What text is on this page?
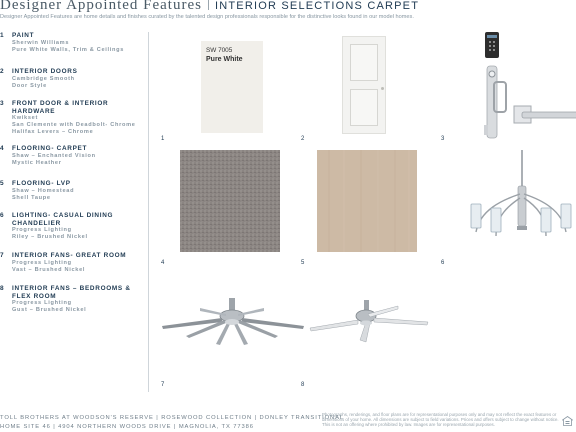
Designer Appointed Features INTERIOR SELECTIONS CARPET
Designer Appointed Features are home details and finishes curated by the talented design professionals responsible for the distinctive looks found in our model homes.
1 PAINT
Sherwin Williams
Pure White Walls, Trim & Ceilings
2 INTERIOR DOORS
Cambridge Smooth
Door Style
3 FRONT DOOR & INTERIOR HARDWARE
Kwikset
San Clemente with Deadbolt- Chrome
Halifax Levers – Chrome
4 FLOORING- CARPET
Shaw – Enchanted Vision
Mystic Heather
5 FLOORING- LVP
Shaw – Homestead
Shell Taupe
6 LIGHTING- CASUAL DINING CHANDELIER
Progress Lighting
Riley – Brushed Nickel
7 INTERIOR FANS- GREAT ROOM
Progress Lighting
Vast – Brushed Nickel
8 INTERIOR FANS – BEDROOMS & FLEX ROOM
Progress Lighting
Gust – Brushed Nickel
SW 7005
Pure White
1	2	3
4	5	6
7	8
TOLL BROTHERS AT WOODSON'S RESERVE | ROSEWOOD COLLECTION | DONLEY TRANSITIONAL
HOME SITE 46 | 4904 NORTHERN WOODS DRIVE | MAGNOLIA, TX 77386
Photographs, renderings, and floor plans are for representational purposes only and may not reflect the exact features or dimensions of your home. All dimensions are subject to field variations. Prices and offers subject to change without notice. This is not an offering where prohibited by law. Images are for representational purposes.
